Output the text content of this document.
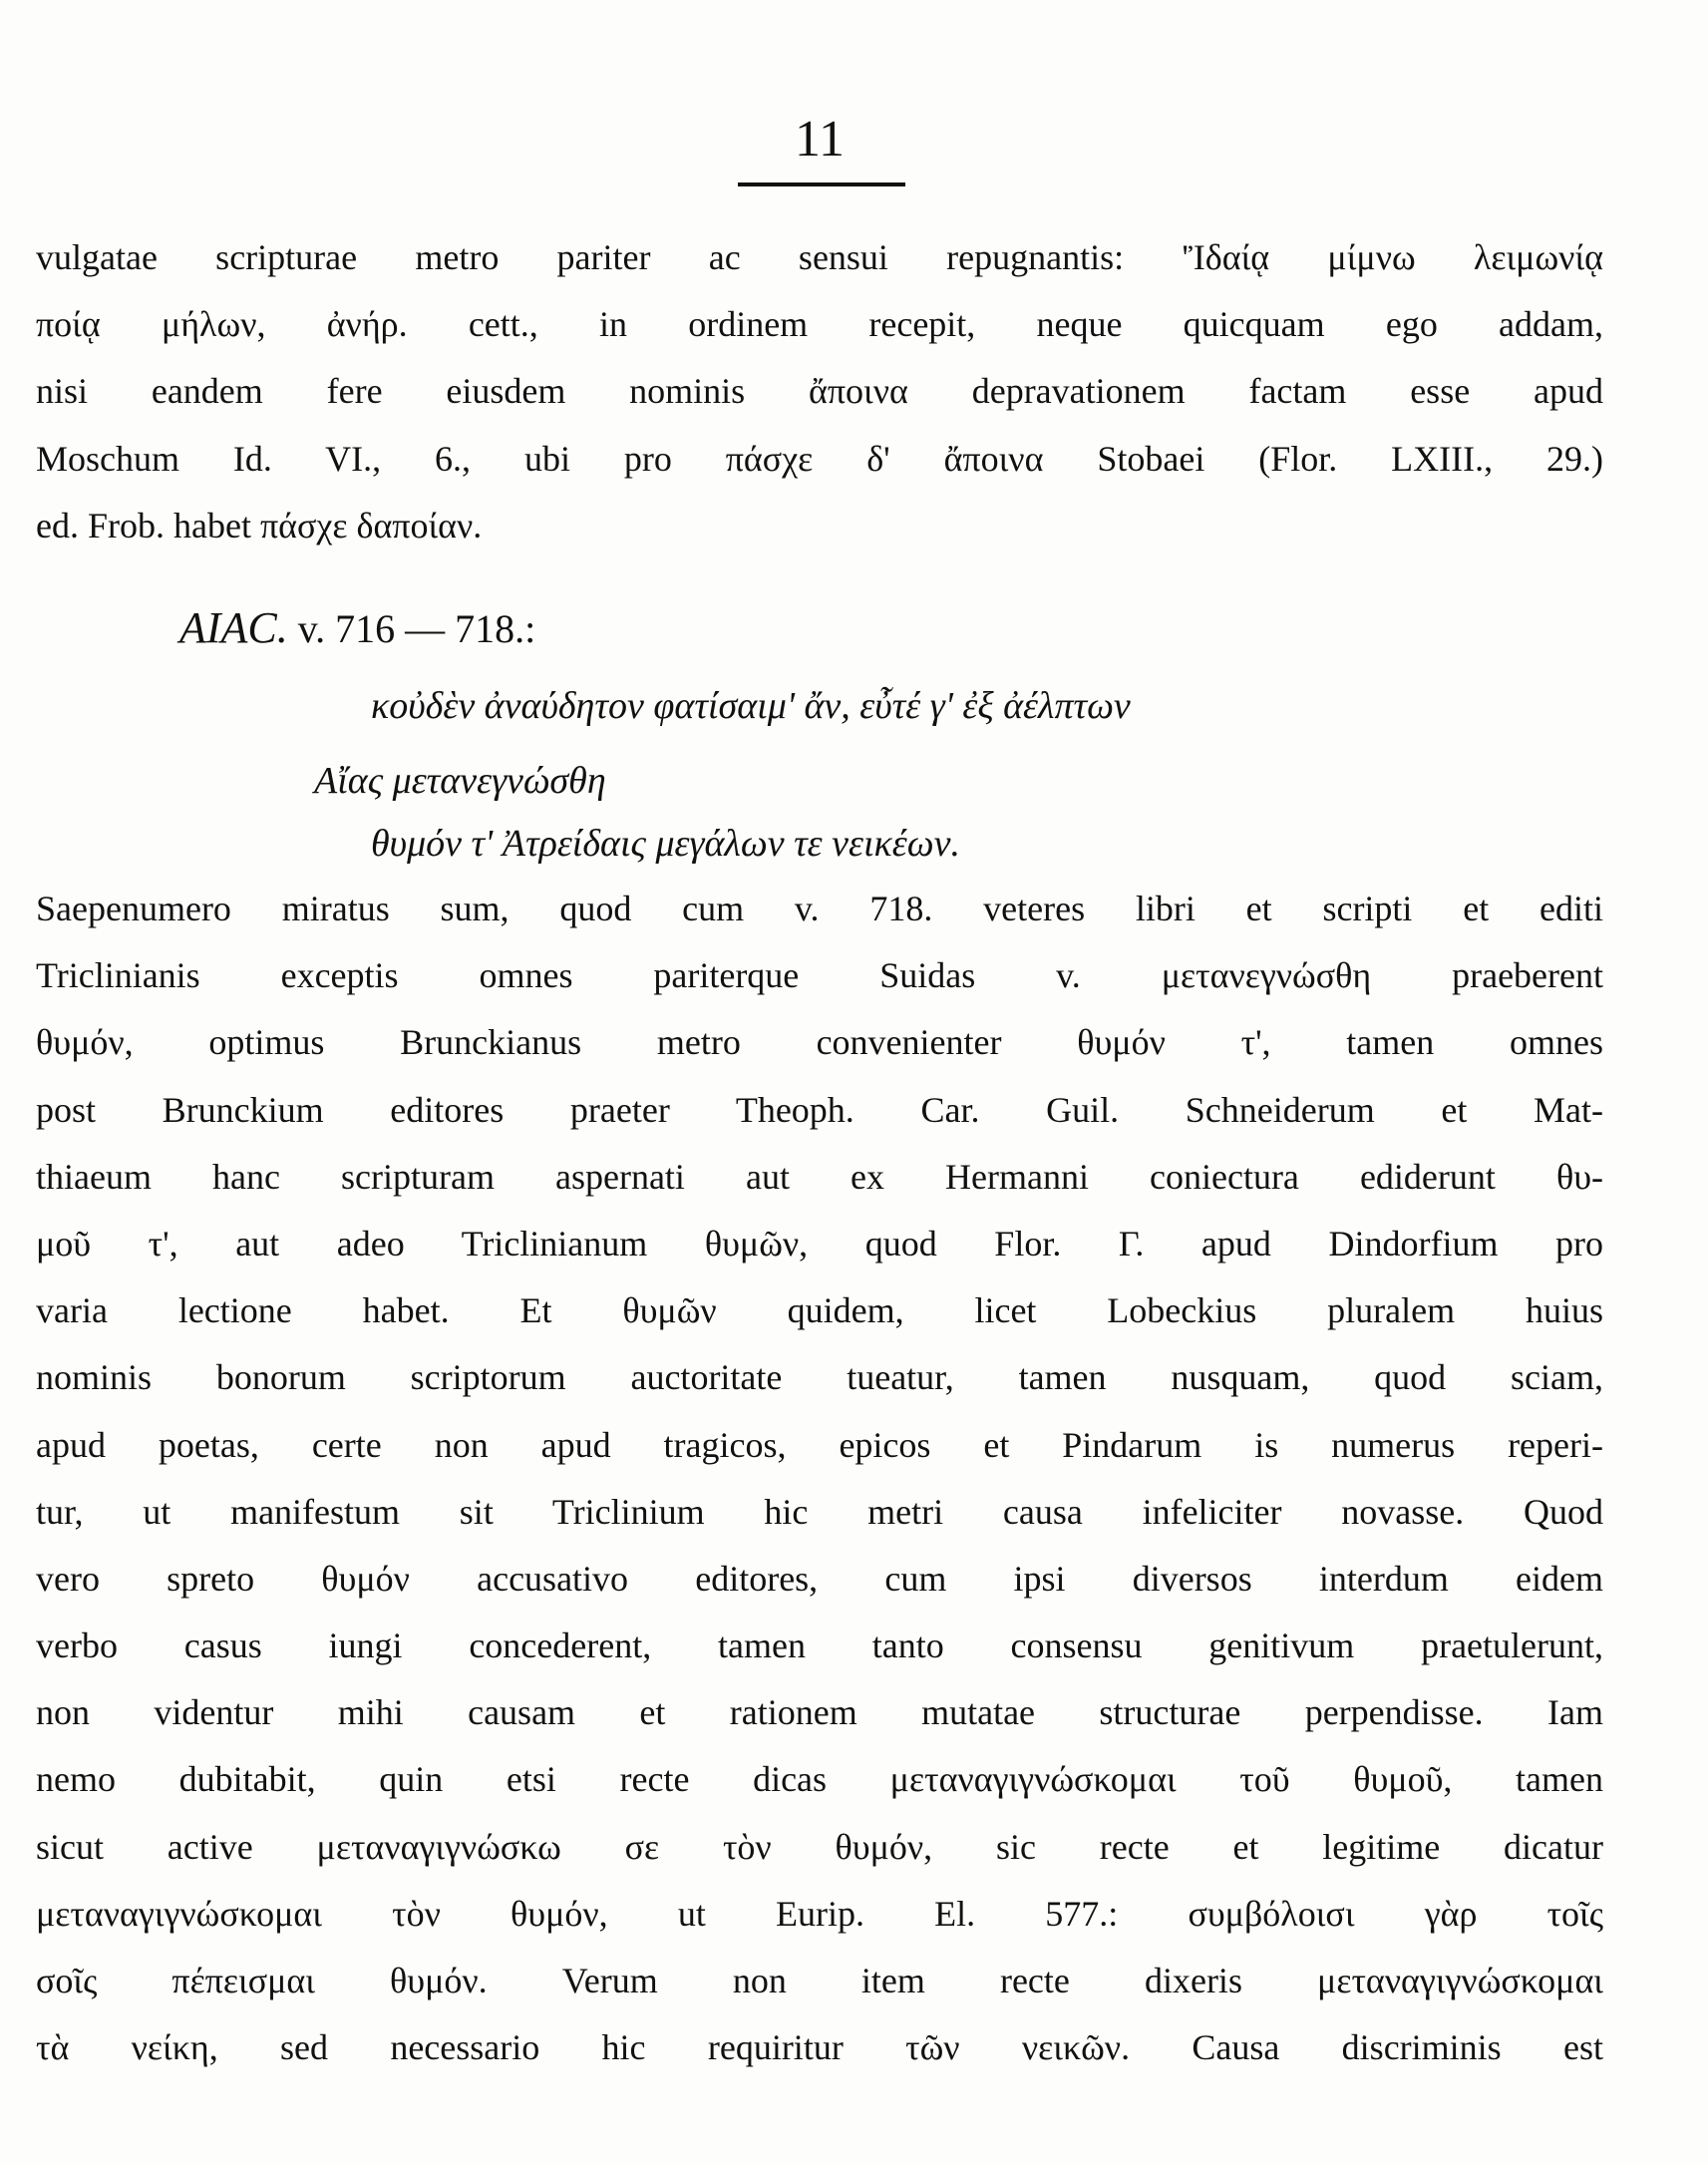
11
vulgatae scripturae metro pariter ac sensui repugnantis: 'Ἰδαίᾳ μίμνω λειμωνίᾳ
ποίᾳ μήλων, ἀνήρ. cett., in ordinem recepit, neque quicquam ego addam,
nisi eandem fere eiusdem nominis ἄποινα depravationem factam esse apud
Moschum Id. VI., 6., ubi pro πάσχε δ' ἄποινα Stobaei (Flor. LXIII., 29.)
ed. Frob. habet πάσχε δαποίαν.
AIAC. v. 716 — 718.:
κοὐδὲν ἀναύδητον φατίσαιμ' ἄν, εὖτέ γ' ἐξ ἀέλπτων
Αἴας μετανεγνώσθη
θυμόν τ' Ἀτρείδαις μεγάλων τε νεικέων.
Saepenumero miratus sum, quod cum v. 718. veteres libri et scripti et editi
Triclinianis exceptis omnes pariterque Suidas v. μετανεγνώσθη praeberent
θυμόν, optimus Brunckianus metro convenienter θυμόν τ', tamen omnes
post Brunckium editores praeter Theoph. Car. Guil. Schneiderum et Mat-
thiaeum hanc scripturam aspernati aut ex Hermanni coniectura ediderunt θυ-
μοῦ τ', aut adeo Triclinianum θυμῶν, quod Flor. Γ. apud Dindorfium pro
varia lectione habet. Et θυμῶν quidem, licet Lobeckius pluralem huius
nominis bonorum scriptorum auctoritate tueatur, tamen nusquam, quod sciam,
apud poetas, certe non apud tragicos, epicos et Pindarum is numerus reperi-
tur, ut manifestum sit Triclinium hic metri causa infeliciter novasse. Quod
vero spreto θυμόν accusativo editores, cum ipsi diversos interdum eidem
verbo casus iungi concederent, tamen tanto consensu genitivum praetulerunt,
non videntur mihi causam et rationem mutatae structurae perpendisse. Iam
nemo dubitabit, quin etsi recte dicas μεταναγιγνώσκομαι τοῦ θυμοῦ, tamen
sicut active μεταναγιγνώσκω σε τὸν θυμόν, sic recte et legitime dicatur
μεταναγιγνώσκομαι τὸν θυμόν, ut Eurip. El. 577.: συμβόλοισι γὰρ τοῖς
σοῖς πέπεισμαι θυμόν. Verum non item recte dixeris μεταναγιγνώσκομαι
τὰ νείκη, sed necessario hic requiritur τῶν νεικῶν. Causa discriminis est
